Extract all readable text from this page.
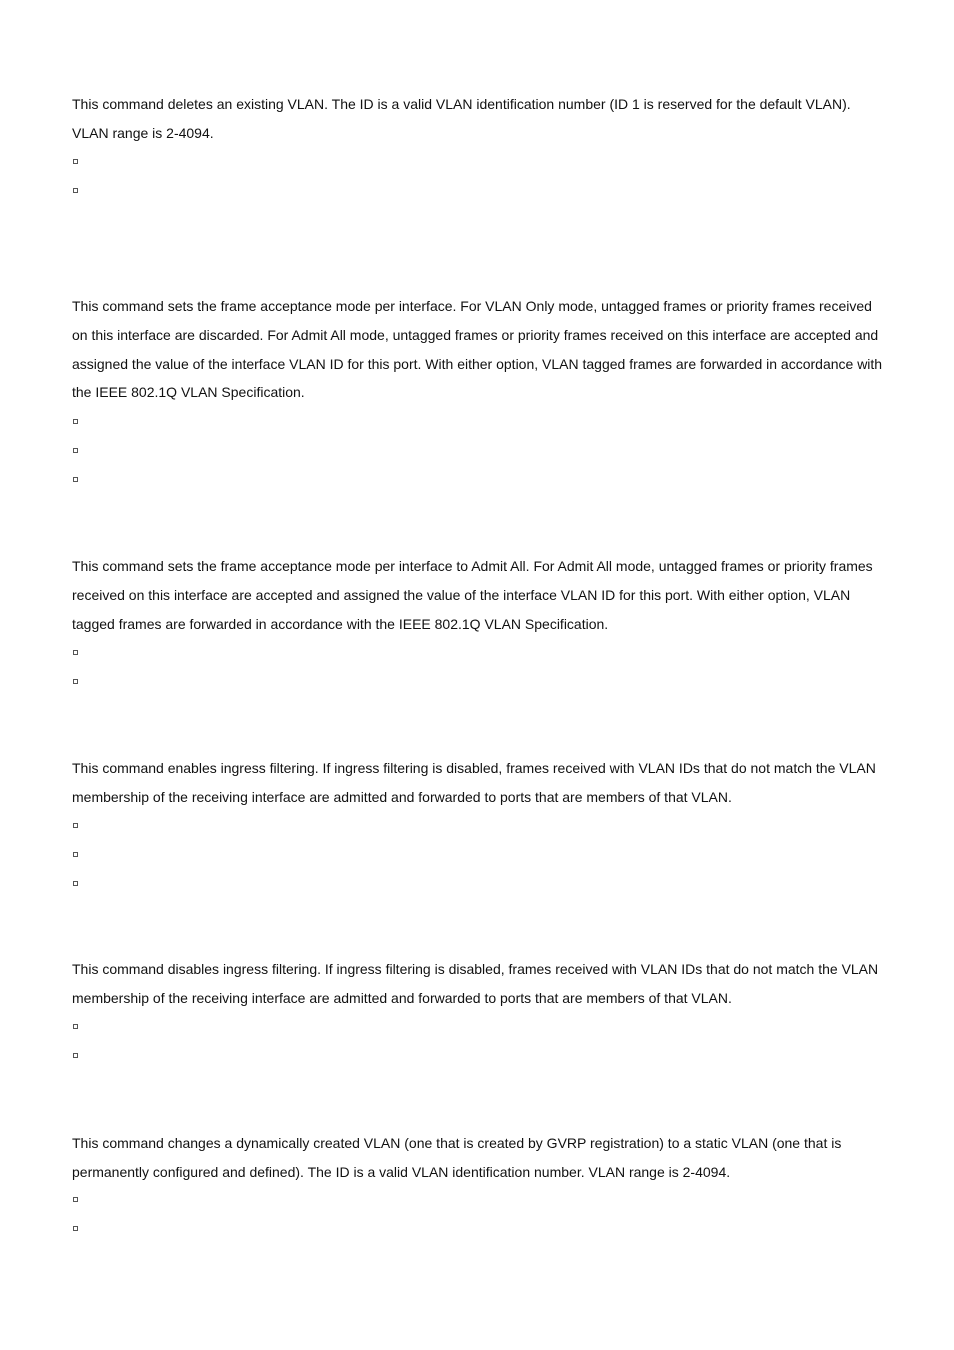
This command deletes an existing VLAN. The ID is a valid VLAN identification number (ID 1 is reserved for the default VLAN). VLAN range is 2-4094.

This command sets the frame acceptance mode per interface. For VLAN Only mode, untagged frames or priority frames received on this interface are discarded. For Admit All mode, untagged frames or priority frames received on this interface are accepted and assigned the value of the interface VLAN ID for this port. With either option, VLAN tagged frames are forwarded in accordance with the IEEE 802.1Q VLAN Specification.

This command sets the frame acceptance mode per interface to Admit All. For Admit All mode, untagged frames or priority frames received on this interface are accepted and assigned the value of the interface VLAN ID for this port. With either option, VLAN tagged frames are forwarded in accordance with the IEEE 802.1Q VLAN Specification.

This command enables ingress filtering. If ingress filtering is disabled, frames received with VLAN IDs that do not match the VLAN membership of the receiving interface are admitted and forwarded to ports that are members of that VLAN.

This command disables ingress filtering. If ingress filtering is disabled, frames received with VLAN IDs that do not match the VLAN membership of the receiving interface are admitted and forwarded to ports that are members of that VLAN.

This command changes a dynamically created VLAN (one that is created by GVRP registration) to a static VLAN (one that is permanently configured and defined). The ID is a valid VLAN identification number. VLAN range is 2-4094.
